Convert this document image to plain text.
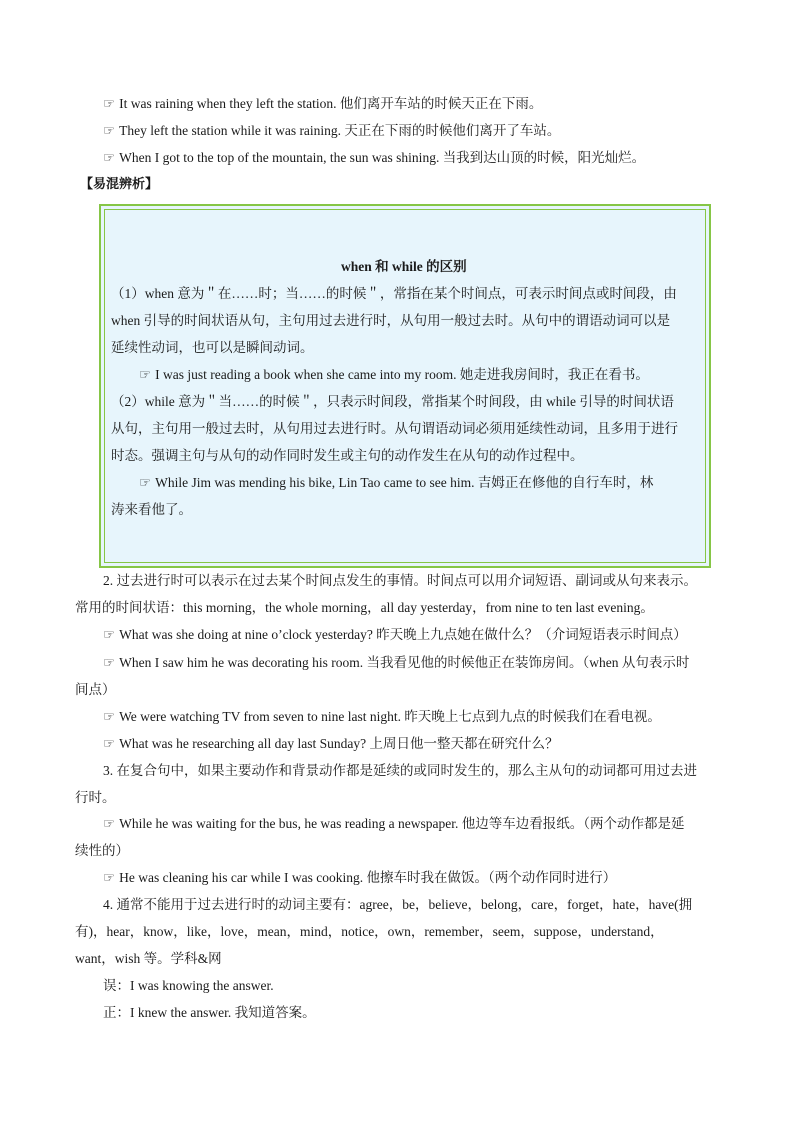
☞ It was raining when they left the station. 他们离开车站的时候天正在下雨。
☞ They left the station while it was raining. 天正在下雨的时候他们离开了车站。
☞ When I got to the top of the mountain, the sun was shining. 当我到达山顶的时候，阳光灿烂。
【易混辨析】
when 和 while 的区别
（1）when 意为＂在……时；当……的时候＂，常指在某个时间点，可表示时间点或时间段，由
when 引导的时间状语从句，主句用过去进行时，从句用一般过去时。从句中的谓语动词可以是
延续性动词，也可以是瞬间动词。
☞ I was just reading a book when she came into my room. 她走进我房间时，我正在看书。
（2）while 意为＂当……的时候＂，只表示时间段，常指某个时间段，由 while 引导的时间状语
从句，主句用一般过去时，从句用过去进行时。从句谓语动词必须用延续性动词，且多用于进行
时态。强调主句与从句的动作同时发生或主句的动作发生在从句的动作过程中。
☞ While Jim was mending his bike, Lin Tao came to see him. 吉姆正在修他的自行车时，林
涛来看他了。
2. 过去进行时可以表示在过去某个时间点发生的事情。时间点可以用介词短语、副词或从句来表示。
常用的时间状语：this morning，the whole morning，all day yesterday，from nine to ten last evening。
☞ What was she doing at nine o’clock yesterday? 昨天晚上九点她在做什么？（介词短语表示时间点）
☞ When I saw him he was decorating his room. 当我看见他的时候他正在装饰房间。（when 从句表示时
间点）
☞ We were watching TV from seven to nine last night. 昨天晚上七点到九点的时候我们在看电视。
☞ What was he researching all day last Sunday? 上周日他一整天都在研究什么？
3. 在复合句中，如果主要动作和背景动作都是延续的或同时发生的，那么主从句的动词都可用过去进
行时。
☞ While he was waiting for the bus, he was reading a newspaper. 他边等车边看报纸。（两个动作都是延
续性的）
☞ He was cleaning his car while I was cooking. 他擦车时我在做饭。（两个动作同时进行）
4. 通常不能用于过去进行时的动词主要有：agree，be，believe，belong，care，forget，hate，have(拥
有)，hear，know，like，love，mean，mind，notice，own，remember，seem，suppose，understand，
want，wish 等。学科&网
误：I was knowing the answer.
正：I knew the answer. 我知道答案。
